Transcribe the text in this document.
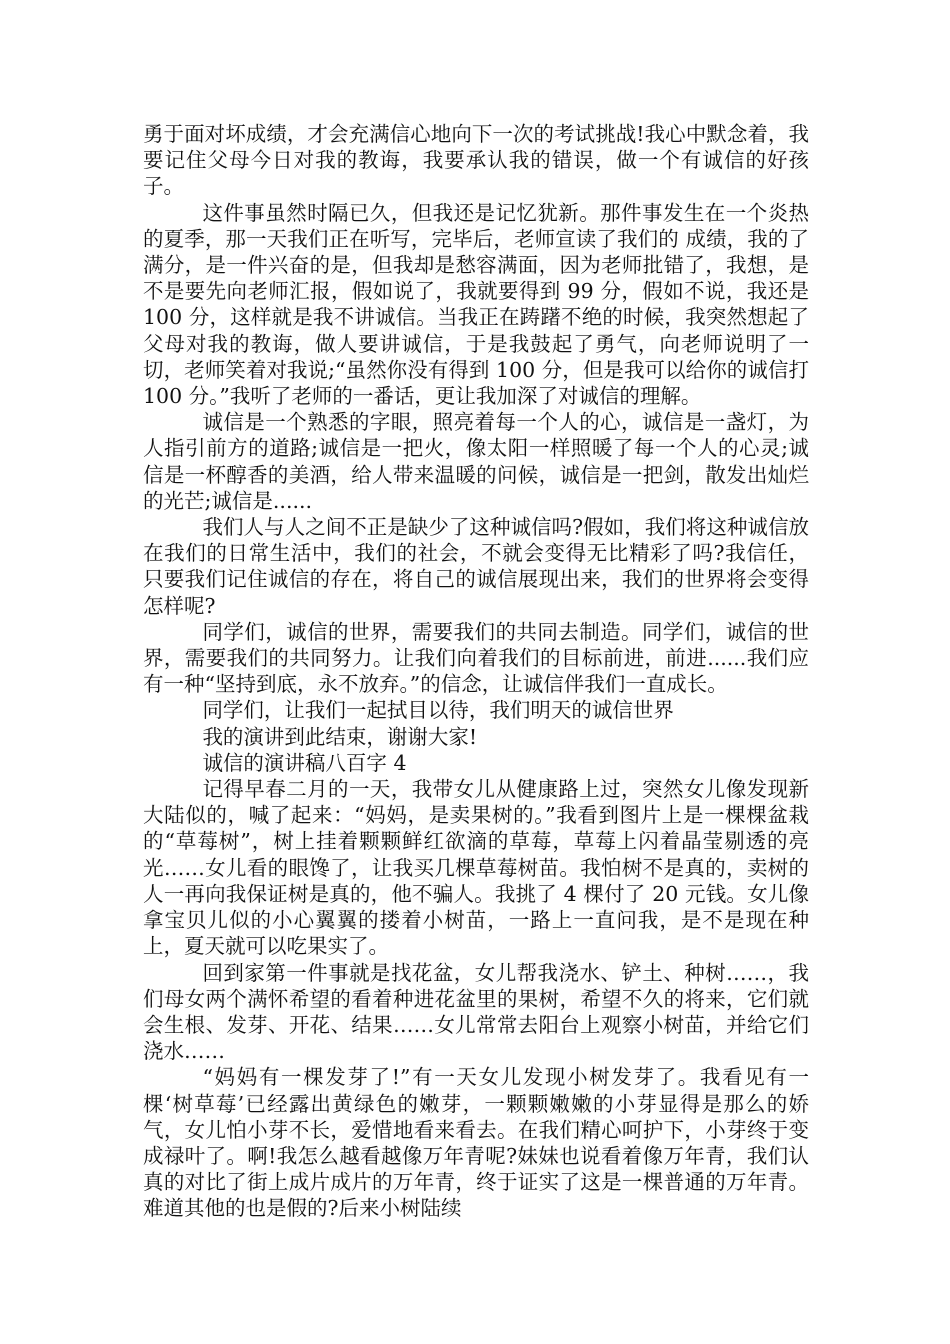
勇于面对坏成绩，才会充满信心地向下一次的考试挑战!我心中默念着，我要记住父母今日对我的教诲，我要承认我的错误，做一个有诚信的好孩子。

这件事虽然时隔已久，但我还是记忆犹新。那件事发生在一个炎热的夏季，那一天我们正在听写，完毕后，老师宣读了我们的 成绩，我的了满分，是一件兴奋的是，但我却是愁容满面，因为老师批错了，我想，是不是要先向老师汇报，假如说了，我就要得到 99 分，假如不说，我还是 100 分，这样就是我不讲诚信。当我正在踌躇不绝的时候，我突然想起了父母对我的教诲，做人要讲诚信，于是我鼓起了勇气，向老师说明了一切，老师笑着对我说;“虽然你没有得到 100 分，但是我可以给你的诚信打 100 分。”我听了老师的一番话，更让我加深了对诚信的理解。

诚信是一个熟悉的字眼，照亮着每一个人的心，诚信是一盏灯，为人指引前方的道路;诚信是一把火，像太阳一样照暖了每一个人的心灵;诚信是一杯醇香的美酒，给人带来温暖的问候，诚信是一把剑，散发出灿烂的光芒;诚信是......

我们人与人之间不正是缺少了这种诚信吗?假如，我们将这种诚信放在我们的日常生活中，我们的社会，不就会变得无比精彩了吗?我信任，只要我们记住诚信的存在，将自己的诚信展现出来，我们的世界将会变得怎样呢?

同学们，诚信的世界，需要我们的共同去制造。同学们，诚信的世界，需要我们的共同努力。让我们向着我们的目标前进，前进......我们应有一种“坚持到底，永不放弃。”的信念，让诚信伴我们一直成长。

同学们，让我们一起拭目以待，我们明天的诚信世界

我的演讲到此结束，谢谢大家!

诚信的演讲稿八百字 4

记得早春二月的一天，我带女儿从健康路上过，突然女儿像发现新大陆似的，喊了起来：“妈妈，是卖果树的。”我看到图片上是一棵棵盆栽的“草莓树”，树上挂着颗颗鲜红欲滴的草莓，草莓上闪着晶莹剔透的亮光……女儿看的眼馋了，让我买几棵草莓树苗。我怕树不是真的，卖树的人一再向我保证树是真的，他不骗人。我挑了 4 棵付了 20 元钱。女儿像拿宝贝儿似的小心翼翼的搂着小树苗，一路上一直问我，是不是现在种上，夏天就可以吃果实了。

回到家第一件事就是找花盆，女儿帮我浇水、铲土、种树……，我们母女两个满怀希望的看着种进花盆里的果树，希望不久的将来，它们就会生根、发芽、开花、结果……女儿常常去阳台上观察小树苗，并给它们浇水……

“妈妈有一棵发芽了!”有一天女儿发现小树发芽了。我看见有一棵‘树草莓’已经露出黄绿色的嫩芽，一颗颗嫩嫩的小芽显得是那么的娇气，女儿怕小芽不长，爱惜地看来看去。在我们精心呵护下，小芽终于变成禄叶了。啊!我怎么越看越像万年青呢?妹妹也说看着像万年青，我们认真的对比了街上成片成片的万年青，终于证实了这是一棵普通的万年青。难道其他的也是假的?后来小树陆续
